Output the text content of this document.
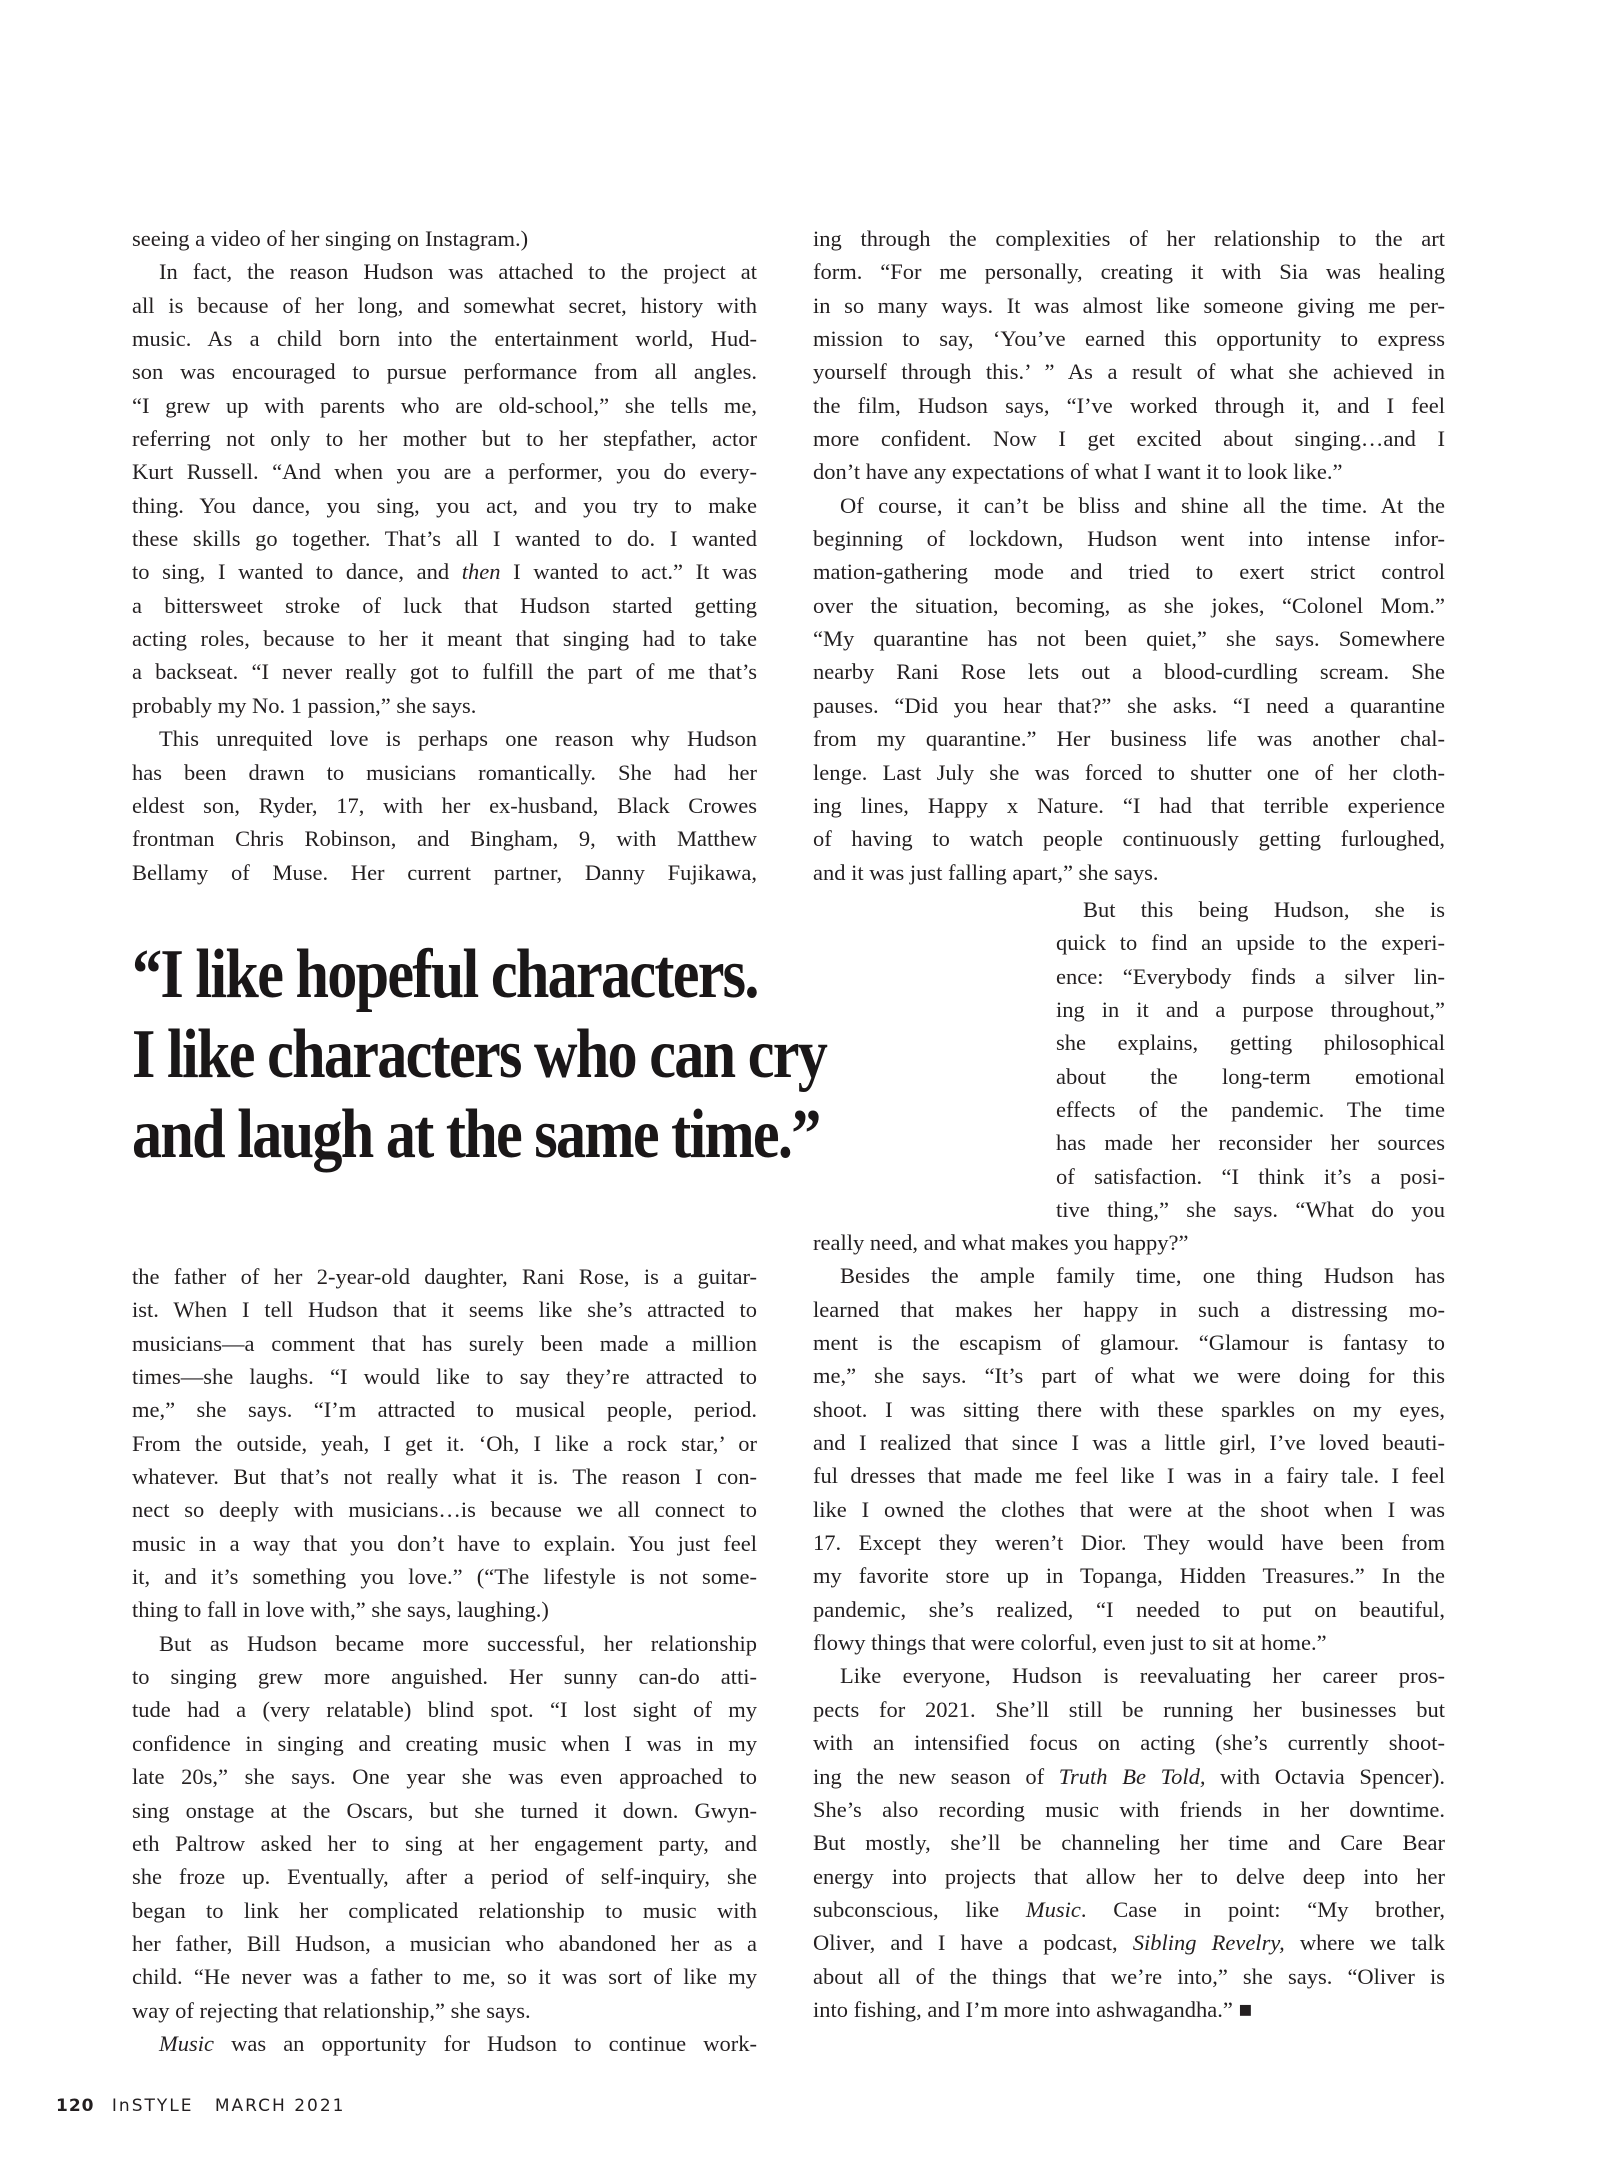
seeing a video of her singing on Instagram.)
In fact, the reason Hudson was attached to the project at
all is because of her long, and somewhat secret, history with
music. As a child born into the entertainment world, Hud-
son was encouraged to pursue performance from all angles.
“I grew up with parents who are old-school,” she tells me,
referring not only to her mother but to her stepfather, actor
Kurt Russell. “And when you are a performer, you do every-
thing. You dance, you sing, you act, and you try to make
these skills go together. That’s all I wanted to do. I wanted
to sing, I wanted to dance, and then I wanted to act.” It was
a bittersweet stroke of luck that Hudson started getting
acting roles, because to her it meant that singing had to take
a backseat. “I never really got to fulfill the part of me that’s
probably my No. 1 passion,” she says.
This unrequited love is perhaps one reason why Hudson
has been drawn to musicians romantically. She had her
eldest son, Ryder, 17, with her ex-husband, Black Crowes
frontman Chris Robinson, and Bingham, 9, with Matthew
Bellamy of Muse. Her current partner, Danny Fujikawa,
ing through the complexities of her relationship to the art
form. “For me personally, creating it with Sia was healing
in so many ways. It was almost like someone giving me per-
mission to say, ‘You’ve earned this opportunity to express
yourself through this.’ ” As a result of what she achieved in
the film, Hudson says, “I’ve worked through it, and I feel
more confident. Now I get excited about singing…and I
don’t have any expectations of what I want it to look like.”
Of course, it can’t be bliss and shine all the time. At the
beginning of lockdown, Hudson went into intense infor-
mation-gathering mode and tried to exert strict control
over the situation, becoming, as she jokes, “Colonel Mom.”
“My quarantine has not been quiet,” she says. Somewhere
nearby Rani Rose lets out a blood-curdling scream. She
pauses. “Did you hear that?” she asks. “I need a quarantine
from my quarantine.” Her business life was another chal-
lenge. Last July she was forced to shutter one of her cloth-
ing lines, Happy x Nature. “I had that terrible experience
of having to watch people continuously getting furloughed,
and it was just falling apart,” she says.
But this being Hudson, she is
quick to find an upside to the experi-
ence: “Everybody finds a silver lin-
ing in it and a purpose throughout,”
she explains, getting philosophical
about the long-term emotional
effects of the pandemic. The time
has made her reconsider her sources
of satisfaction. “I think it’s a posi-
tive thing,” she says. “What do you
“I like hopeful characters.
I like characters who can cry
and laugh at the same time.”
the father of her 2-year-old daughter, Rani Rose, is a guitar-
ist. When I tell Hudson that it seems like she’s attracted to
musicians—a comment that has surely been made a million
times—she laughs. “I would like to say they’re attracted to
me,” she says. “I’m attracted to musical people, period.
From the outside, yeah, I get it. ‘Oh, I like a rock star,’ or
whatever. But that’s not really what it is. The reason I con-
nect so deeply with musicians…is because we all connect to
music in a way that you don’t have to explain. You just feel
it, and it’s something you love.” (“The lifestyle is not some-
thing to fall in love with,” she says, laughing.)
But as Hudson became more successful, her relationship
to singing grew more anguished. Her sunny can-do atti-
tude had a (very relatable) blind spot. “I lost sight of my
confidence in singing and creating music when I was in my
late 20s,” she says. One year she was even approached to
sing onstage at the Oscars, but she turned it down. Gwyn-
eth Paltrow asked her to sing at her engagement party, and
she froze up. Eventually, after a period of self-inquiry, she
began to link her complicated relationship to music with
her father, Bill Hudson, a musician who abandoned her as a
child. “He never was a father to me, so it was sort of like my
way of rejecting that relationship,” she says.
Music was an opportunity for Hudson to continue work-
really need, and what makes you happy?”
Besides the ample family time, one thing Hudson has
learned that makes her happy in such a distressing mo-
ment is the escapism of glamour. “Glamour is fantasy to
me,” she says. “It’s part of what we were doing for this
shoot. I was sitting there with these sparkles on my eyes,
and I realized that since I was a little girl, I’ve loved beauti-
ful dresses that made me feel like I was in a fairy tale. I feel
like I owned the clothes that were at the shoot when I was
17. Except they weren’t Dior. They would have been from
my favorite store up in Topanga, Hidden Treasures.” In the
pandemic, she’s realized, “I needed to put on beautiful,
flowy things that were colorful, even just to sit at home.”
Like everyone, Hudson is reevaluating her career pros-
pects for 2021. She’ll still be running her businesses but
with an intensified focus on acting (she’s currently shoot-
ing the new season of Truth Be Told, with Octavia Spencer).
She’s also recording music with friends in her downtime.
But mostly, she’ll be channeling her time and Care Bear
energy into projects that allow her to delve deep into her
subconscious, like Music. Case in point: “My brother,
Oliver, and I have a podcast, Sibling Revelry, where we talk
about all of the things that we’re into,” she says. “Oliver is
into fishing, and I’m more into ashwagandha.” ■
120 InSTYLE MARCH 2021
